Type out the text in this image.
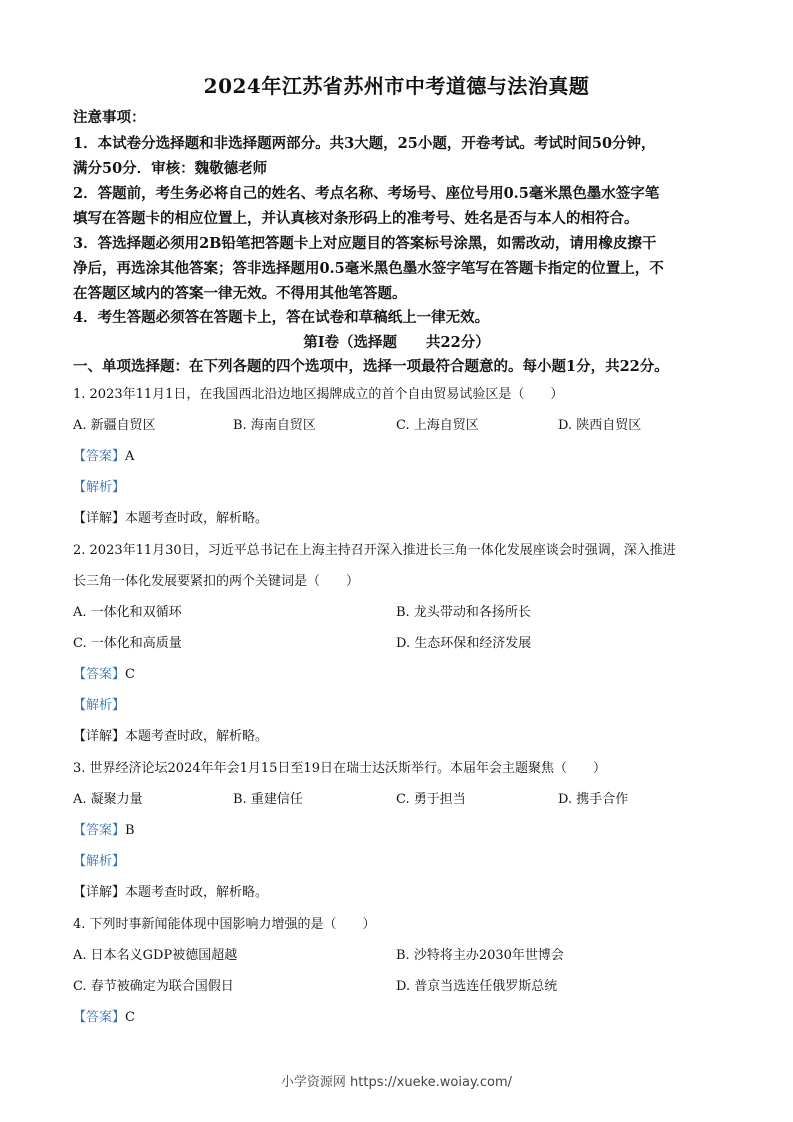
2024年江苏省苏州市中考道德与法治真题
注意事项：
1．本试卷分选择题和非选择题两部分。共3大题，25小题，开卷考试。考试时间50分钟，
满分50分．审核：魏敬德老师
2．答题前，考生务必将自己的姓名、考点名称、考场号、座位号用0.5毫米黑色墨水签字笔
填写在答题卡的相应位置上，并认真核对条形码上的准考号、姓名是否与本人的相符合。
3．答选择题必须用2B铅笔把答题卡上对应题目的答案标号涂黑，如需改动，请用橡皮擦干
净后，再选涂其他答案；答非选择题用0.5毫米黑色墨水签字笔写在答题卡指定的位置上，不
在答题区域内的答案一律无效。不得用其他笔答题。
4．考生答题必须答在答题卡上，答在试卷和草稿纸上一律无效。
第I卷（选择题　　共22分）
一、单项选择题：在下列各题的四个选项中，选择一项最符合题意的。每小题1分，共22分。
1. 2023年11月1日，在我国西北沿边地区揭牌成立的首个自由贸易试验区是（　　）
A. 新疆自贸区	B. 海南自贸区	C. 上海自贸区	D. 陕西自贸区
【答案】A
【解析】
【详解】本题考查时政，解析略。
2. 2023年11月30日，习近平总书记在上海主持召开深入推进长三角一体化发展座谈会时强调，深入推进
长三角一体化发展要紧扣的两个关键词是（　　）
A. 一体化和双循环	B. 龙头带动和各扬所长
C. 一体化和高质量	D. 生态环保和经济发展
【答案】C
【解析】
【详解】本题考查时政，解析略。
3. 世界经济论坛2024年年会1月15日至19日在瑞士达沃斯举行。本届年会主题聚焦（　　）
A. 凝聚力量	B. 重建信任	C. 勇于担当	D. 携手合作
【答案】B
【解析】
【详解】本题考查时政，解析略。
4. 下列时事新闻能体现中国影响力增强的是（　　）
A. 日本名义GDP被德国超越	B. 沙特将主办2030年世博会
C. 春节被确定为联合国假日	D. 普京当选连任俄罗斯总统
【答案】C
小学资源网 https://xueke.woiay.com/
